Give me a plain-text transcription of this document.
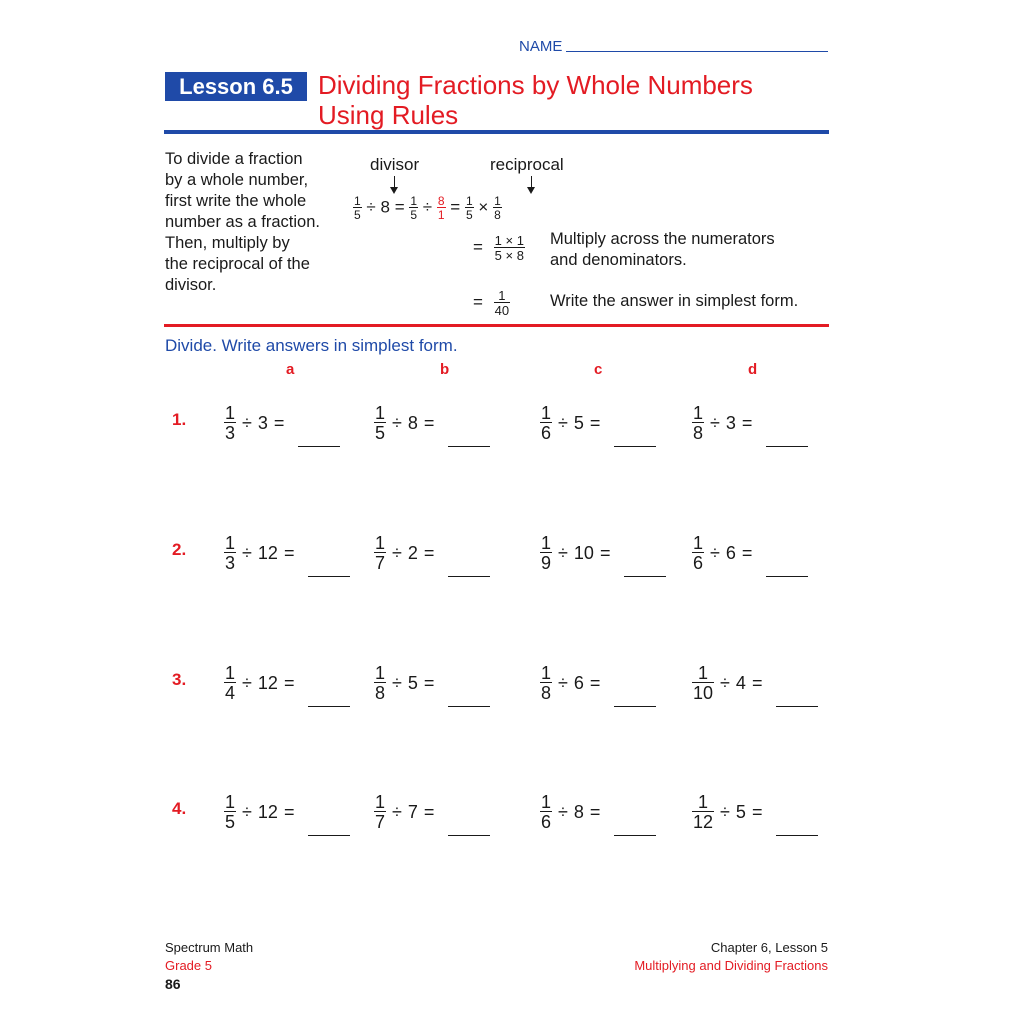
NAME
Lesson 6.5 Dividing Fractions by Whole Numbers
Using Rules
To divide a fraction
by a whole number,
first write the whole
number as a fraction.
Then, multiply by
the reciprocal of the
divisor.
divisor	reciprocal
$\frac{1}{5} \div 8 = \frac{1}{5} \div \frac{8}{1} = \frac{1}{5} \times \frac{1}{8}$
= $\frac{1 \times 1}{5 \times 8}$ Multiply across the numerators
and denominators.
= $\frac{1}{40}$ Write the answer in simplest form.
Divide. Write answers in simplest form.
a	b	c	d
1. $\frac{1}{3} \div 3$ =	$\frac{1}{5} \div 8$ =	$\frac{1}{6} \div 5$ =	$\frac{1}{8} \div 3$ =
2. $\frac{1}{3} \div 12$ =	$\frac{1}{7} \div 2$ =	$\frac{1}{9} \div 10$ =	$\frac{1}{6} \div 6$ =
3. $\frac{1}{4} \div 12$ =	$\frac{1}{8} \div 5$ =	$\frac{1}{8} \div 6$ =	$\frac{1}{10} \div 4$ =
4. $\frac{1}{5} \div 12$ =	$\frac{1}{7} \div 7$ =	$\frac{1}{6} \div 8$ =	$\frac{1}{12} \div 5$ =
Spectrum Math
Grade 5
86
Chapter 6, Lesson 5
Multiplying and Dividing Fractions
